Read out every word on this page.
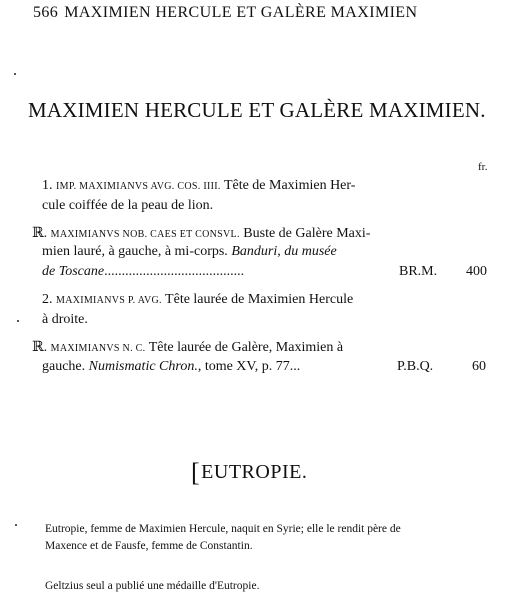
566 MAXIMIEN HERCULE ET GALÈRE MAXIMIEN
MAXIMIEN HERCULE ET GALÈRE MAXIMIEN.
fr.
1. IMP. MAXIMIANVS AVG. COS. IIII. Tête de Maximien Her-
cule coiffée de la peau de lion.
ℝ. MAXIMIANVS NOB. CAES ET CONSVL. Buste de Galère Maxi-
mien lauré, à gauche, à mi-corps. Banduri, du musée
de Toscane........................................	BR.M. 400
2. MAXIMIANVS P. AVG. Tête laurée de Maximien Hercule
à droite.
ℝ. MAXIMIANVS N. C. Tête laurée de Galère, Maximien à
gauche. Numismatic Chron., tome XV, p. 77...	P.B.Q.	60
[EUTROPIE.
Eutropie, femme de Maximien Hercule, naquit en Syrie; elle le rendit père de
Maxence et de Fausfe, femme de Constantin.
Geltzius seul a publié une médaille d'Eutropie.
